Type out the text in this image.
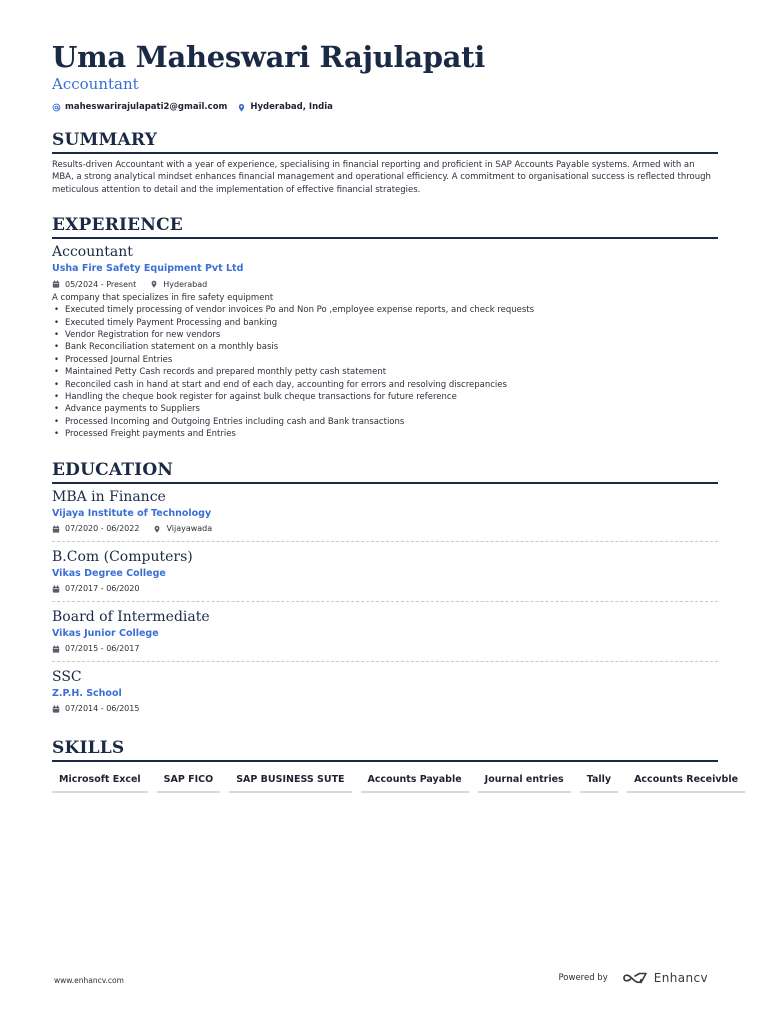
Uma Maheswari Rajulapati
Accountant
maheswarirajulapati2@gmail.com	Hyderabad, India
SUMMARY
Results-driven Accountant with a year of experience, specialising in financial reporting and proficient in SAP Accounts Payable systems. Armed with an MBA, a strong analytical mindset enhances financial management and operational efficiency. A commitment to organisational success is reflected through meticulous attention to detail and the implementation of effective financial strategies.
EXPERIENCE
Accountant
Usha Fire Safety Equipment Pvt Ltd
05/2024 - Present	Hyderabad
A company that specializes in fire safety equipment
• Executed timely processing of vendor invoices Po and Non Po ,employee expense reports, and check requests
• Executed timely Payment Processing and banking
• Vendor Registration for new vendors
• Bank Reconciliation statement on a monthly basis
• Processed Journal Entries
• Maintained Petty Cash records and prepared monthly petty cash statement
• Reconciled cash in hand at start and end of each day, accounting for errors and resolving discrepancies
• Handling the cheque book register for against bulk cheque transactions for future reference
• Advance payments to Suppliers
• Processed Incoming and Outgoing Entries including cash and Bank transactions
• Processed Freight payments and Entries
EDUCATION
MBA in Finance
Vijaya Institute of Technology
07/2020 - 06/2022	Vijayawada
B.Com (Computers)
Vikas Degree College
07/2017 - 06/2020
Board of Intermediate
Vikas Junior College
07/2015 - 06/2017
SSC
Z.P.H. School
07/2014 - 06/2015
SKILLS
Microsoft Excel	SAP FICO	SAP BUSINESS SUTE	Accounts Payable	Journal entries	Tally	Accounts Receivble
www.enhancv.com	Powered by	Enhancv
